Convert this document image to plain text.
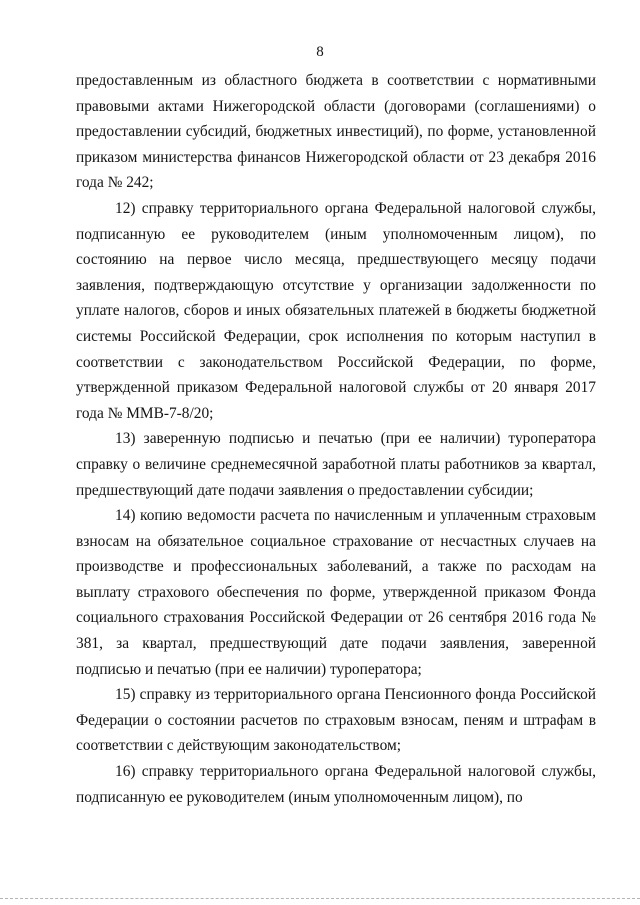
8

предоставленным из областного бюджета в соответствии с нормативными правовыми актами Нижегородской области (договорами (соглашениями) о предоставлении субсидий, бюджетных инвестиций), по форме, установленной приказом министерства финансов Нижегородской области от 23 декабря 2016 года № 242;

12) справку территориального органа Федеральной налоговой службы, подписанную ее руководителем (иным уполномоченным лицом), по состоянию на первое число месяца, предшествующего месяцу подачи заявления, подтверждающую отсутствие у организации задолженности по уплате налогов, сборов и иных обязательных платежей в бюджеты бюджетной системы Российской Федерации, срок исполнения по которым наступил в соответствии с законодательством Российской Федерации, по форме, утвержденной приказом Федеральной налоговой службы от 20 января 2017 года № ММВ-7-8/20;

13) заверенную подписью и печатью (при ее наличии) туроператора справку о величине среднемесячной заработной платы работников за квартал, предшествующий дате подачи заявления о предоставлении субсидии;

14) копию ведомости расчета по начисленным и уплаченным страховым взносам на обязательное социальное страхование от несчастных случаев на производстве и профессиональных заболеваний, а также по расходам на выплату страхового обеспечения по форме, утвержденной приказом Фонда социального страхования Российской Федерации от 26 сентября 2016 года № 381, за квартал, предшествующий дате подачи заявления, заверенной подписью и печатью (при ее наличии) туроператора;

15) справку из территориального органа Пенсионного фонда Российской Федерации о состоянии расчетов по страховым взносам, пеням и штрафам в соответствии с действующим законодательством;

16) справку территориального органа Федеральной налоговой службы, подписанную ее руководителем (иным уполномоченным лицом), по
